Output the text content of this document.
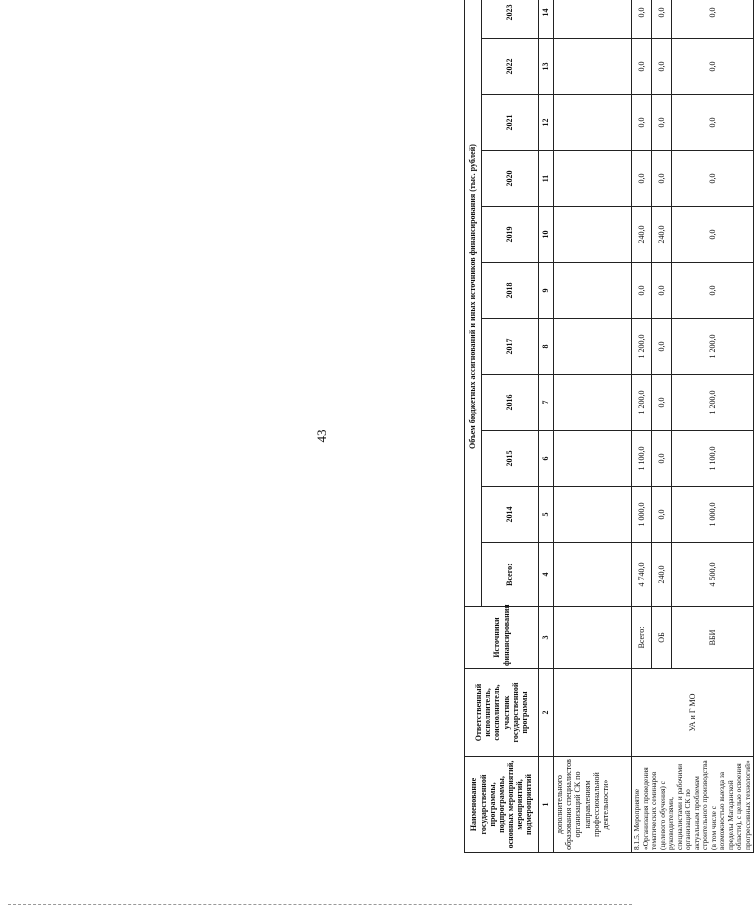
43
Наименование государственной программы, подпрограммы, основных мероприятий, мероприятий, подмероприятий	Ответственный исполнитель, соисполнитель, участник государственной программы	Источники финансирования	Объем бюджетных ассигнований и иных источников финансирования (тыс. рублей)										
			Всего:	2014	2015	2016	2017	2018	2019	2020	2021	2022	2023
1	2	3	4	5	6	7	8	9	10	11	12	13	14
дополнительного образования специалистов организаций СК по направлениям профессиональной деятельности»													
8.1.5. Мероприятие «Организация проведения тематических семинаров (целевого обучения) с руководителями, специалистами и рабочими организаций СК по актуальным проблемам строительного производства (в том числе с возможностью выезда за пределы Магаданской области), с целью освоения прогрессивных технологий»	УА и Г МО	Всего:	4 740,0	1 000,0	1 100,0	1 200,0	1 200,0	0,0	240,0	0,0	0,0	0,0	0,0
		ОБ	240,0	0,0	0,0	0,0	0,0	0,0	240,0	0,0	0,0	0,0	0,0
		ВБИ	4 500,0	1 000,0	1 100,0	1 200,0	1 200,0	0,0	0,0	0,0	0,0	0,0	0,0
